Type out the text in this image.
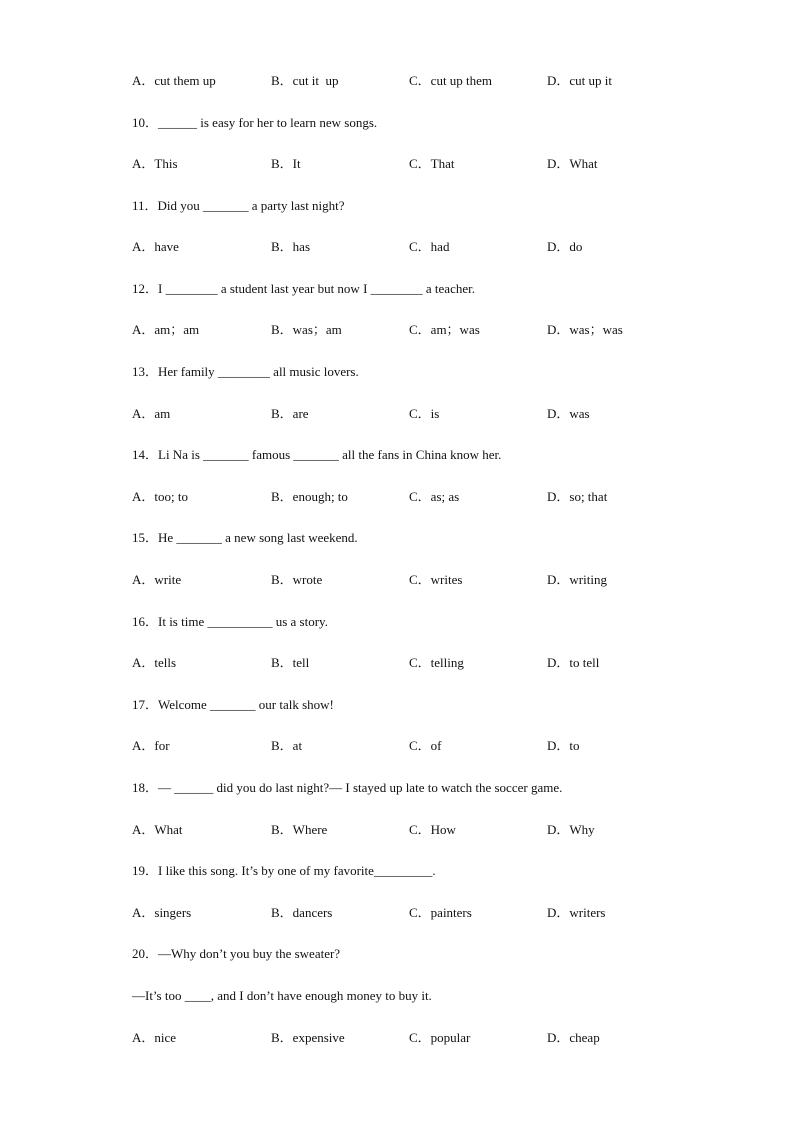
A．cut them up	B．cut it  up	C．cut up them	D．cut up it
10．______ is easy for her to learn new songs.
A．This	B．It	C．That	D．What
11．Did you _______ a party last night?
A．have	B．has	C．had	D．do
12．I ________ a student last year but now I ________ a teacher.
A．am；am	B．was；am	C．am；was	D．was；was
13．Her family ________ all music lovers.
A．am	B．are	C．is	D．was
14．Li Na is _______ famous _______ all the fans in China know her.
A．too; to	B．enough; to	C．as; as	D．so; that
15．He _______ a new song last weekend.
A．write	B．wrote	C．writes	D．writing
16．It is time __________ us a story.
A．tells	B．tell	C．telling	D．to tell
17．Welcome _______ our talk show!
A．for	B．at	C．of	D．to
18．— ______ did you do last night?— I stayed up late to watch the soccer game.
A．What	B．Where	C．How	D．Why
19．I like this song. It’s by one of my favorite_________.
A．singers	B．dancers	C．painters	D．writers
20．—Why don’t you buy the sweater?
—It’s too ____, and I don’t have enough money to buy it.
A．nice	B．expensive	C．popular	D．cheap
